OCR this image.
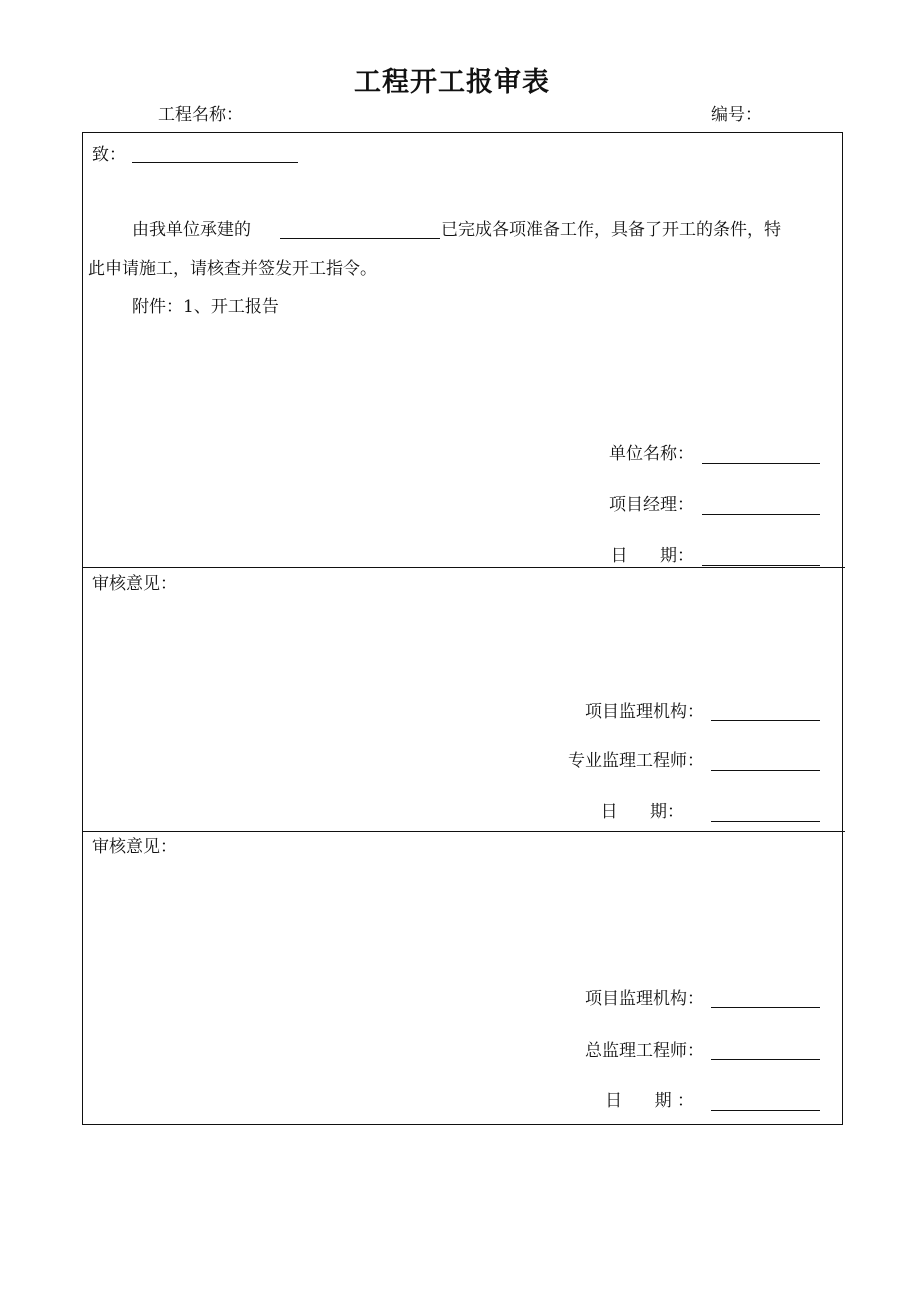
工程开工报审表
工程名称：	编号：
致：
由我单位承建的	已完成各项准备工作，具备了开工的条件，特
此申请施工，请核查并签发开工指令。
附件：1、开工报告
单位名称：
项目经理：
日      期：
审核意见：
项目监理机构：
专业监理工程师：
日      期：
审核意见：
项目监理机构：
总监理工程师：
日      期 ：
